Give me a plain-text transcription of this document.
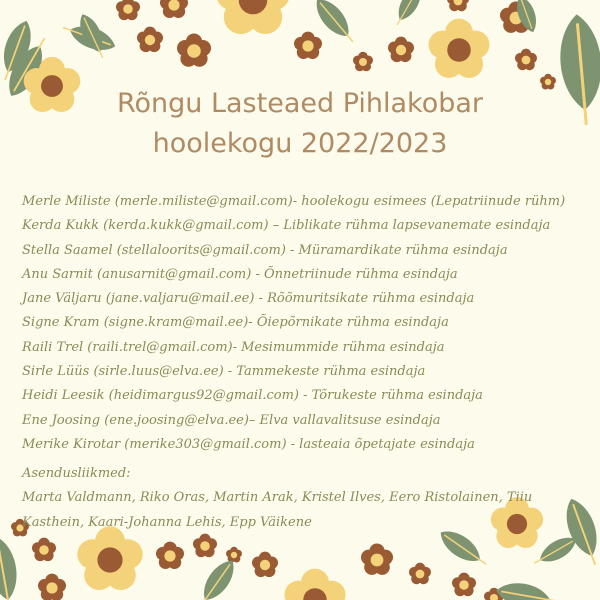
Rõngu Lasteaed Pihlakobar
hoolekogu 2022/2023
Merle Miliste (merle.miliste@gmail.com)- hoolekogu esimees (Lepatriinude rühm)
Kerda Kukk (kerda.kukk@gmail.com) – Liblikate rühma lapsevanemate esindaja
Stella Saamel (stellaloorits@gmail.com) - Müramardikate rühma esindaja
Anu Sarnit (anusarnit@gmail.com) - Õnnetriinude rühma esindaja
Jane Väljaru (jane.valjaru@mail.ee) - Rõõmuritsikate rühma esindaja
Signe Kram (signe.kram@mail.ee)- Õiepõrnikate rühma esindaja
Raili Trel (raili.trel@gmail.com)- Mesimummide rühma esindaja
Sirle Lüüs (sirle.luus@elva.ee) - Tammekeste rühma esindaja
Heidi Leesik (heidimargus92@gmail.com) - Tõrukeste rühma esindaja
Ene Joosing (ene.joosing@elva.ee)– Elva vallavalitsuse esindaja
Merike Kirotar (merike303@gmail.com) - lasteaia õpetajate esindaja
Asendusliikmed:
Marta Valdmann, Riko Oras, Martin Arak, Kristel Ilves, Eero Ristolainen, Tiiu Kasthein, Kaari-Johanna Lehis, Epp Väikene
